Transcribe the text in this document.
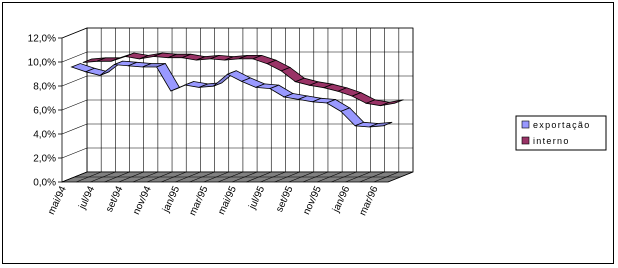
0,0%
2,0%
4,0%
6,0%
8,0%
10,0%
12,0%
mai/94 jul/94 set/94 nov/94 jan/95 mar/95 mai/95 jul/95 set/95 nov/95 jan/96 mar/96
exportação
interno
